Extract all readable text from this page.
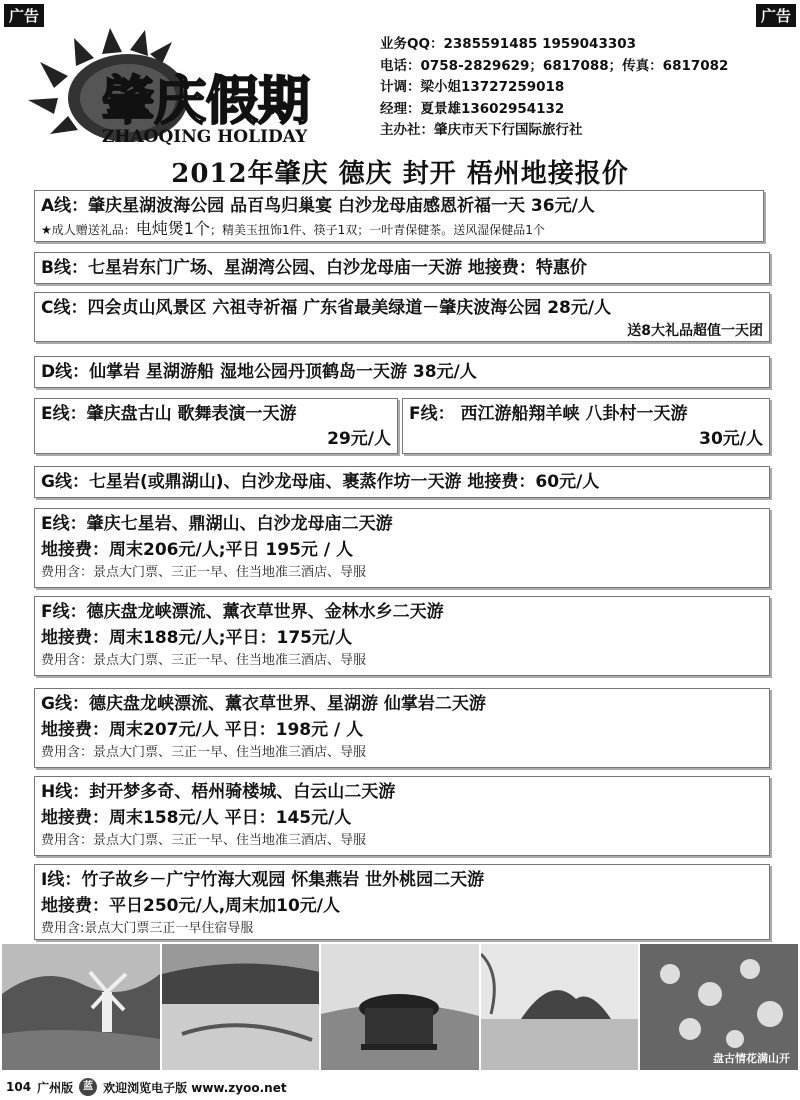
广告	广告
肇庆假期
ZHAOQING HOLIDAY
业务QQ：2385591485 1959043303
电话：0758-2829629；6817088；传真：6817082
计调：梁小姐13727259018
经理：夏景雄13602954132
主办社：肇庆市天下行国际旅行社
2012年肇庆 德庆 封开 梧州地接报价
A线：肇庆星湖波海公园 品百鸟归巢宴 白沙龙母庙感恩祈福一天 36元/人
★成人赠送礼品：电炖煲1个；精美玉扭饰1件、筷子1双；一叶青保健茶。送风湿保健品1个
B线：七星岩东门广场、星湖湾公园、白沙龙母庙一天游 地接费：特惠价
C线：四会贞山风景区 六祖寺祈福 广东省最美绿道－肇庆波海公园 28元/人
送8大礼品超值一天团
D线：仙掌岩 星湖游船 湿地公园丹顶鹤岛一天游 38元/人
E线：肇庆盘古山 歌舞表演一天游
29元/人
F线： 西江游船翔羊峡 八卦村一天游
30元/人
G线：七星岩(或鼎湖山)、白沙龙母庙、裹蒸作坊一天游 地接费：60元/人
E线：肇庆七星岩、鼎湖山、白沙龙母庙二天游
地接费：周末206元/人;平日 195元 / 人
费用含：景点大门票、三正一早、住当地准三酒店、导服
F线：德庆盘龙峡漂流、薰衣草世界、金林水乡二天游
地接费：周末188元/人;平日：175元/人
费用含：景点大门票、三正一早、住当地准三酒店、导服
G线：德庆盘龙峡漂流、薰衣草世界、星湖游 仙掌岩二天游
地接费：周末207元/人 平日：198元 / 人
费用含：景点大门票、三正一早、住当地准三酒店、导服
H线：封开梦多奇、梧州骑楼城、白云山二天游
地接费：周末158元/人 平日：145元/人
费用含：景点大门票、三正一早、住当地准三酒店、导服
I线：竹子故乡－广宁竹海大观园 怀集燕岩 世外桃园二天游
地接费：平日250元/人,周末加10元/人
费用含:景点大门票三正一早住宿导服
盘古情花满山开
104 广州版	蓝 欢迎浏览电子版 www.zyoo.net
